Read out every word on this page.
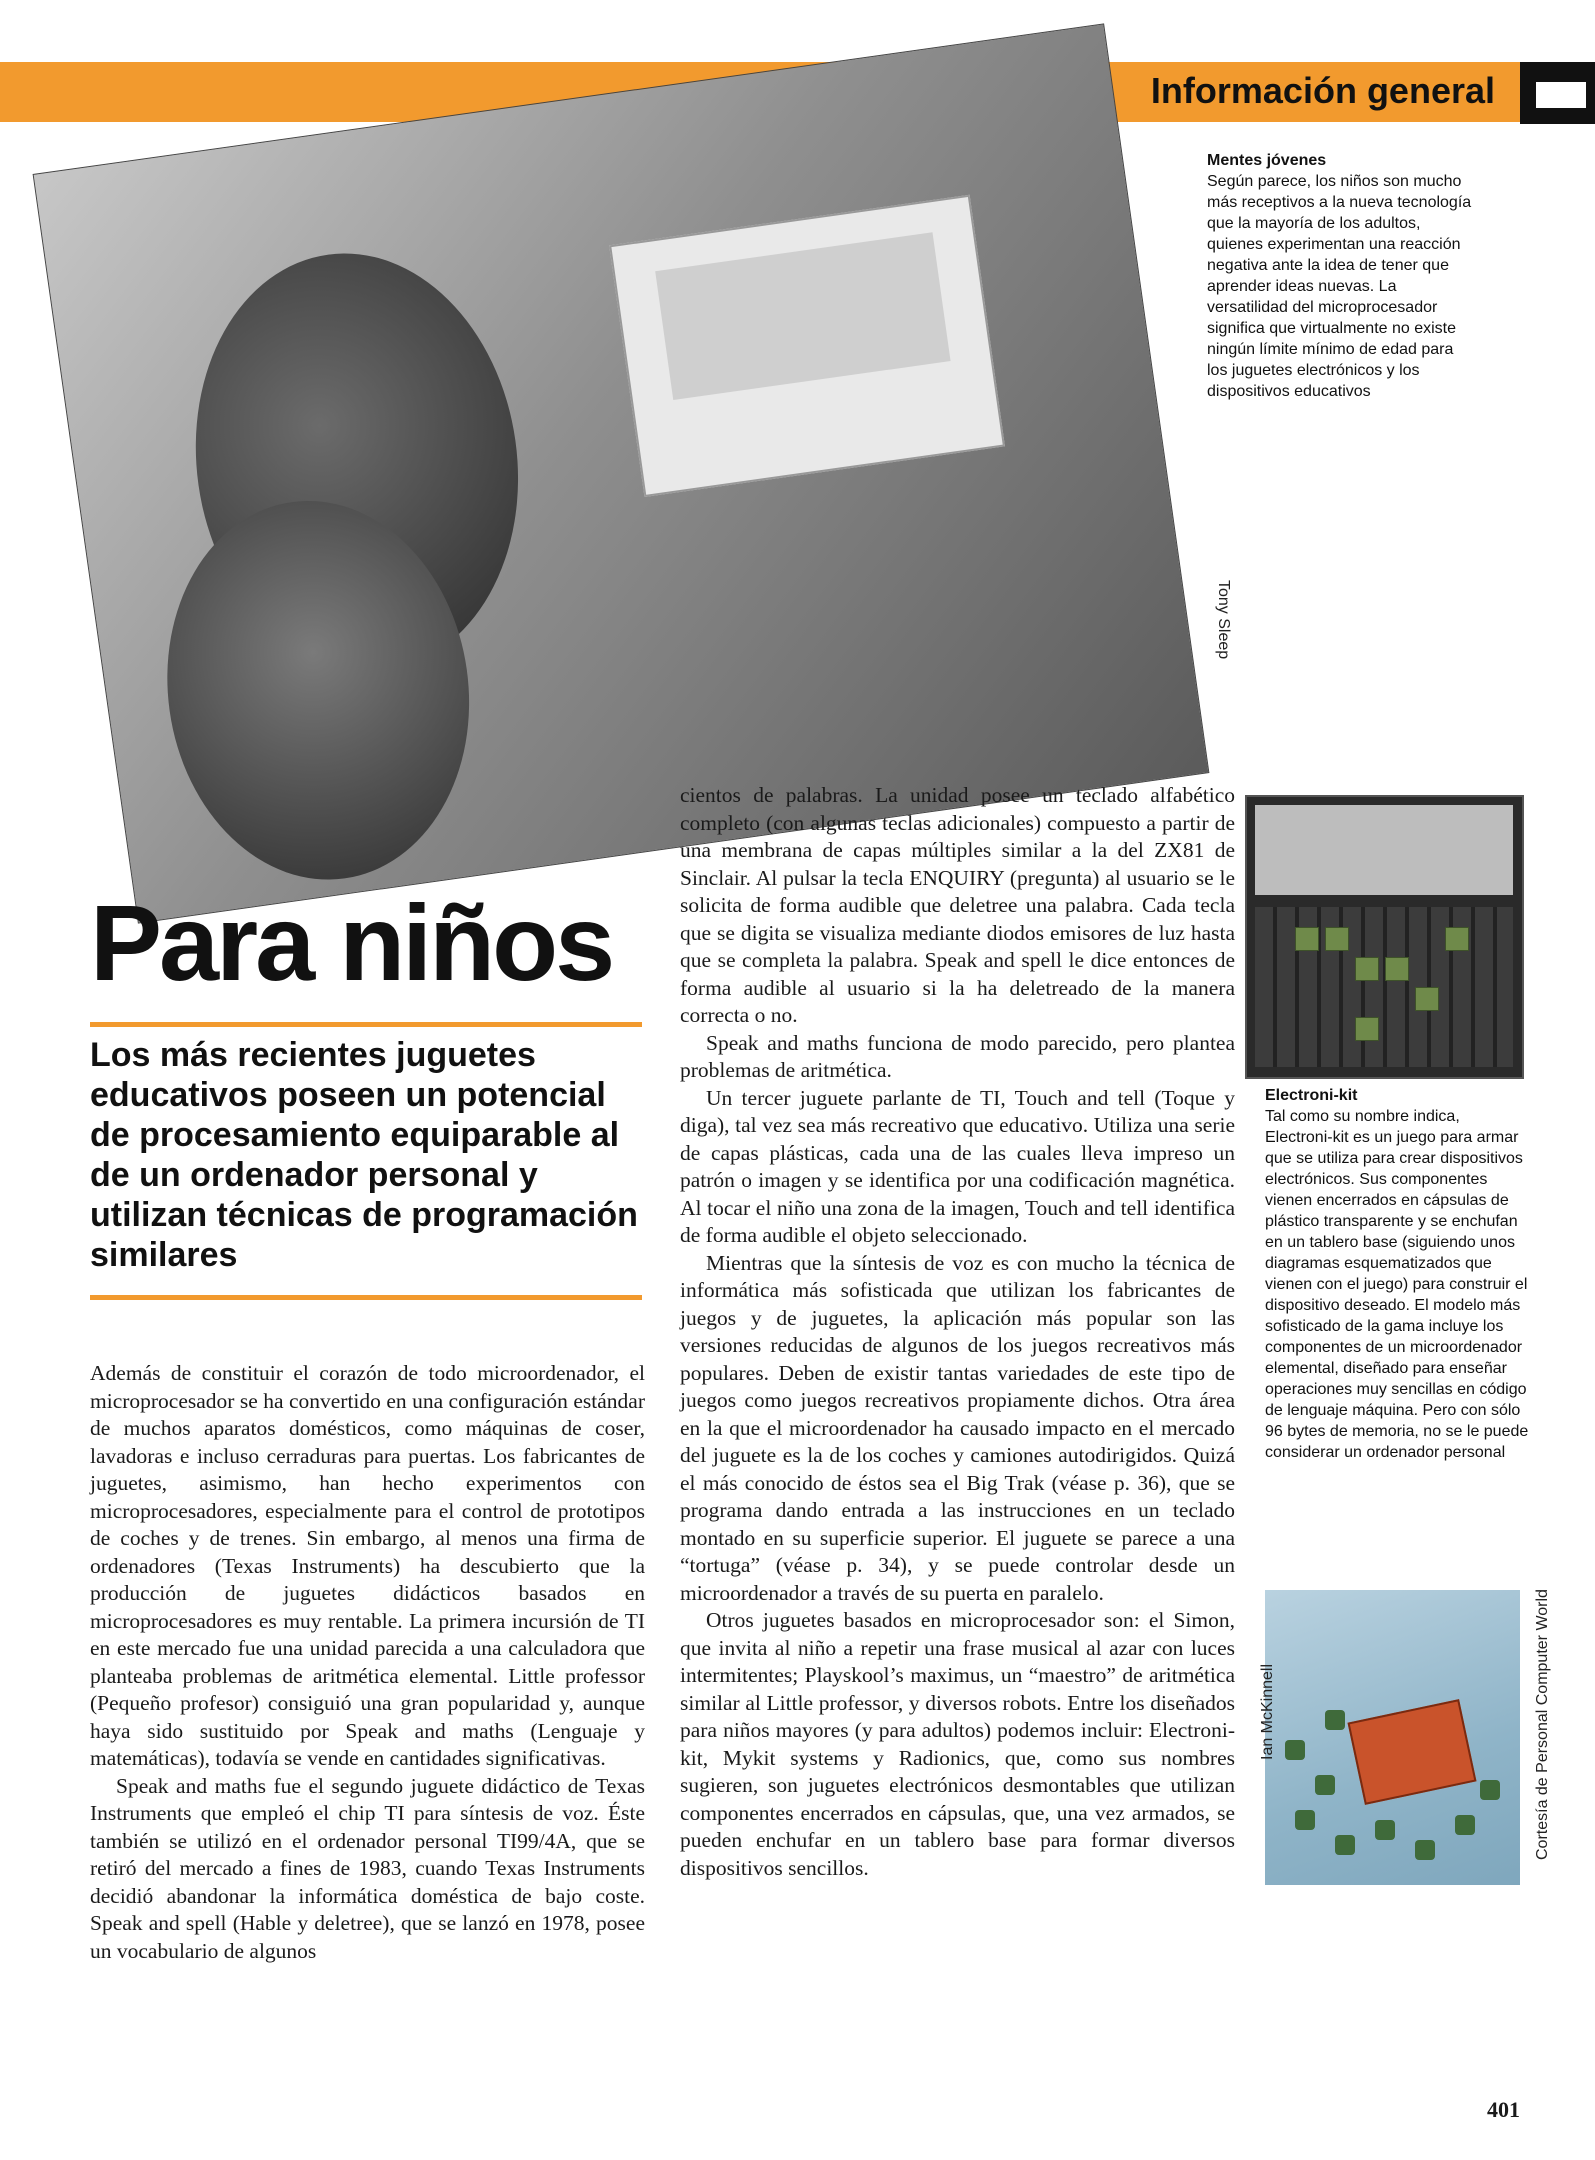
Información general
Tony Sleep
Mentes jóvenes
Según parece, los niños son mucho más receptivos a la nueva tecnología que la mayoría de los adultos, quienes experimentan una reacción negativa ante la idea de tener que aprender ideas nuevas. La versatilidad del microprocesador significa que virtualmente no existe ningún límite mínimo de edad para los juguetes electrónicos y los dispositivos educativos
Para niños
Los más recientes juguetes educativos poseen un potencial de procesamiento equiparable al de un ordenador personal y utilizan técnicas de programación similares

Además de constituir el corazón de todo microordenador, el microprocesador se ha convertido en una configuración estándar de muchos aparatos domésticos, como máquinas de coser, lavadoras e incluso cerraduras para puertas. Los fabricantes de juguetes, asimismo, han hecho experimentos con microprocesadores, especialmente para el control de prototipos de coches y de trenes. Sin embargo, al menos una firma de ordenadores (Texas Instruments) ha descubierto que la producción de juguetes didácticos basados en microprocesadores es muy rentable. La primera incursión de TI en este mercado fue una unidad parecida a una calculadora que planteaba problemas de aritmética elemental. Little professor (Pequeño profesor) consiguió una gran popularidad y, aunque haya sido sustituido por Speak and maths (Lenguaje y matemáticas), todavía se vende en cantidades significativas.

Speak and maths fue el segundo juguete didáctico de Texas Instruments que empleó el chip TI para síntesis de voz. Éste también se utilizó en el ordenador personal TI99/4A, que se retiró del mercado a fines de 1983, cuando Texas Instruments decidió abandonar la informática doméstica de bajo coste. Speak and spell (Hable y deletree), que se lanzó en 1978, posee un vocabulario de algunos

cientos de palabras. La unidad posee un teclado alfabético completo (con algunas teclas adicionales) compuesto a partir de una membrana de capas múltiples similar a la del ZX81 de Sinclair. Al pulsar la tecla ENQUIRY (pregunta) al usuario se le solicita de forma audible que deletree una palabra. Cada tecla que se digita se visualiza mediante diodos emisores de luz hasta que se completa la palabra. Speak and spell le dice entonces de forma audible al usuario si la ha deletreado de la manera correcta o no.

Speak and maths funciona de modo parecido, pero plantea problemas de aritmética.

Un tercer juguete parlante de TI, Touch and tell (Toque y diga), tal vez sea más recreativo que educativo. Utiliza una serie de capas plásticas, cada una de las cuales lleva impreso un patrón o imagen y se identifica por una codificación magnética. Al tocar el niño una zona de la imagen, Touch and tell identifica de forma audible el objeto seleccionado.

Mientras que la síntesis de voz es con mucho la técnica de informática más sofisticada que utilizan los fabricantes de juegos y de juguetes, la aplicación más popular son las versiones reducidas de algunos de los juegos recreativos más populares. Deben de existir tantas variedades de este tipo de juegos como juegos recreativos propiamente dichos. Otra área en la que el microordenador ha causado impacto en el mercado del juguete es la de los coches y camiones autodirigidos. Quizá el más conocido de éstos sea el Big Trak (véase p. 36), que se programa dando entrada a las instrucciones en un teclado montado en su superficie superior. El juguete se parece a una “tortuga” (véase p. 34), y se puede controlar desde un microordenador a través de su puerta en paralelo.

Otros juguetes basados en microprocesador son: el Simon, que invita al niño a repetir una frase musical al azar con luces intermitentes; Playskool’s maximus, un “maestro” de aritmética similar al Little professor, y diversos robots. Entre los diseñados para niños mayores (y para adultos) podemos incluir: Electroni-kit, Mykit systems y Radionics, que, como sus nombres sugieren, son juguetes electrónicos desmontables que utilizan componentes encerrados en cápsulas, que, una vez armados, se pueden enchufar en un tablero base para formar diversos dispositivos sencillos.

Electroni-kit
Tal como su nombre indica, Electroni-kit es un juego para armar que se utiliza para crear dispositivos electrónicos. Sus componentes vienen encerrados en cápsulas de plástico transparente y se enchufan en un tablero base (siguiendo unos diagramas esquematizados que vienen con el juego) para construir el dispositivo deseado. El modelo más sofisticado de la gama incluye los componentes de un microordenador elemental, diseñado para enseñar operaciones muy sencillas en código de lenguaje máquina. Pero con sólo 96 bytes de memoria, no se le puede considerar un ordenador personal
Ian McKinnell	Cortesía de Personal Computer World
401
